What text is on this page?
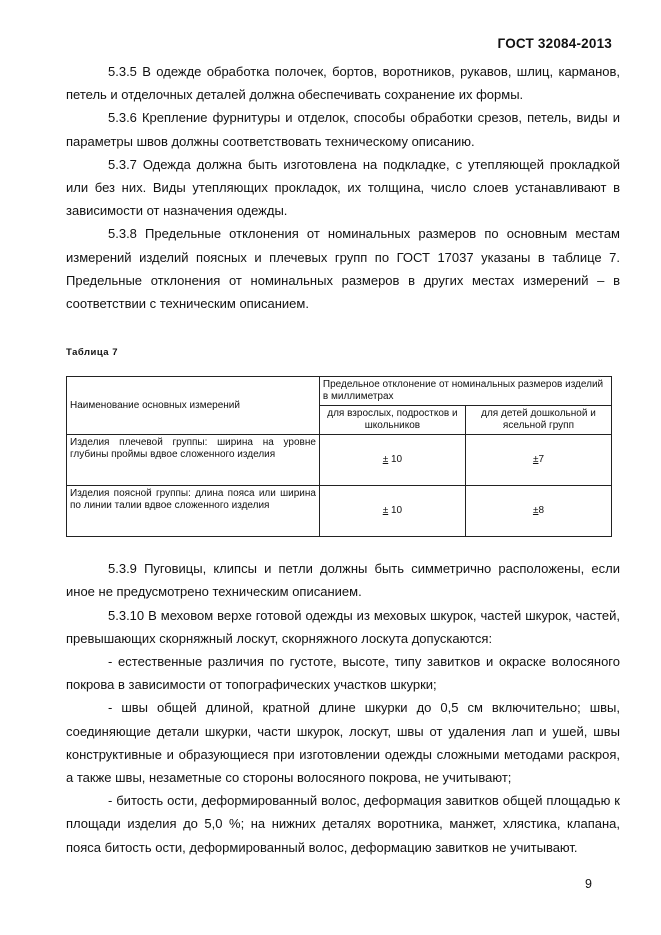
ГОСТ 32084-2013

5.3.5 В одежде обработка полочек, бортов, воротников, рукавов, шлиц, карманов, петель и отделочных деталей должна обеспечивать сохранение их формы.

5.3.6 Крепление фурнитуры и отделок, способы обработки срезов, петель, виды и параметры швов должны соответствовать техническому описанию.

5.3.7 Одежда должна быть изготовлена на подкладке, с утепляющей прокладкой или без них. Виды утепляющих прокладок, их толщина, число слоев устанавливают в зависимости от назначения одежды.

5.3.8 Предельные отклонения от номинальных размеров по основным местам измерений изделий поясных и плечевых групп по ГОСТ 17037 указаны в таблице 7. Предельные отклонения от номинальных размеров в других местах измерений – в соответствии с техническим описанием.

Таблица 7
Наименование основных измерений	Предельное отклонение от номинальных размеров изделий в миллиметрах	
	для взрослых, подростков и школьников	для детей дошкольной и ясельной групп
Изделия плечевой группы: ширина на уровне глубины проймы вдвое сложенного изделия	± 10	±7
Изделия поясной группы: длина пояса или ширина по линии талии вдвое сложенного изделия	± 10	±8

5.3.9 Пуговицы, клипсы и петли должны быть симметрично расположены, если иное не предусмотрено техническим описанием.

5.3.10 В меховом верхе готовой одежды из меховых шкурок, частей шкурок, частей, превышающих скорняжный лоскут, скорняжного лоскута допускаются:

- естественные различия по густоте, высоте, типу завитков и окраске волосяного покрова в зависимости от топографических участков шкурки;

- швы общей длиной, кратной длине шкурки до 0,5 см включительно; швы, соединяющие детали шкурки, части шкурок, лоскут, швы от удаления лап и ушей, швы конструктивные и образующиеся при изготовлении одежды сложными методами раскроя, а также швы, незаметные со стороны волосяного покрова, не учитывают;

- битость ости, деформированный волос, деформация завитков общей площадью к площади изделия до 5,0 %; на нижних деталях воротника, манжет, хлястика, клапана, пояса битость ости, деформированный волос, деформацию завитков не учитывают.

9
